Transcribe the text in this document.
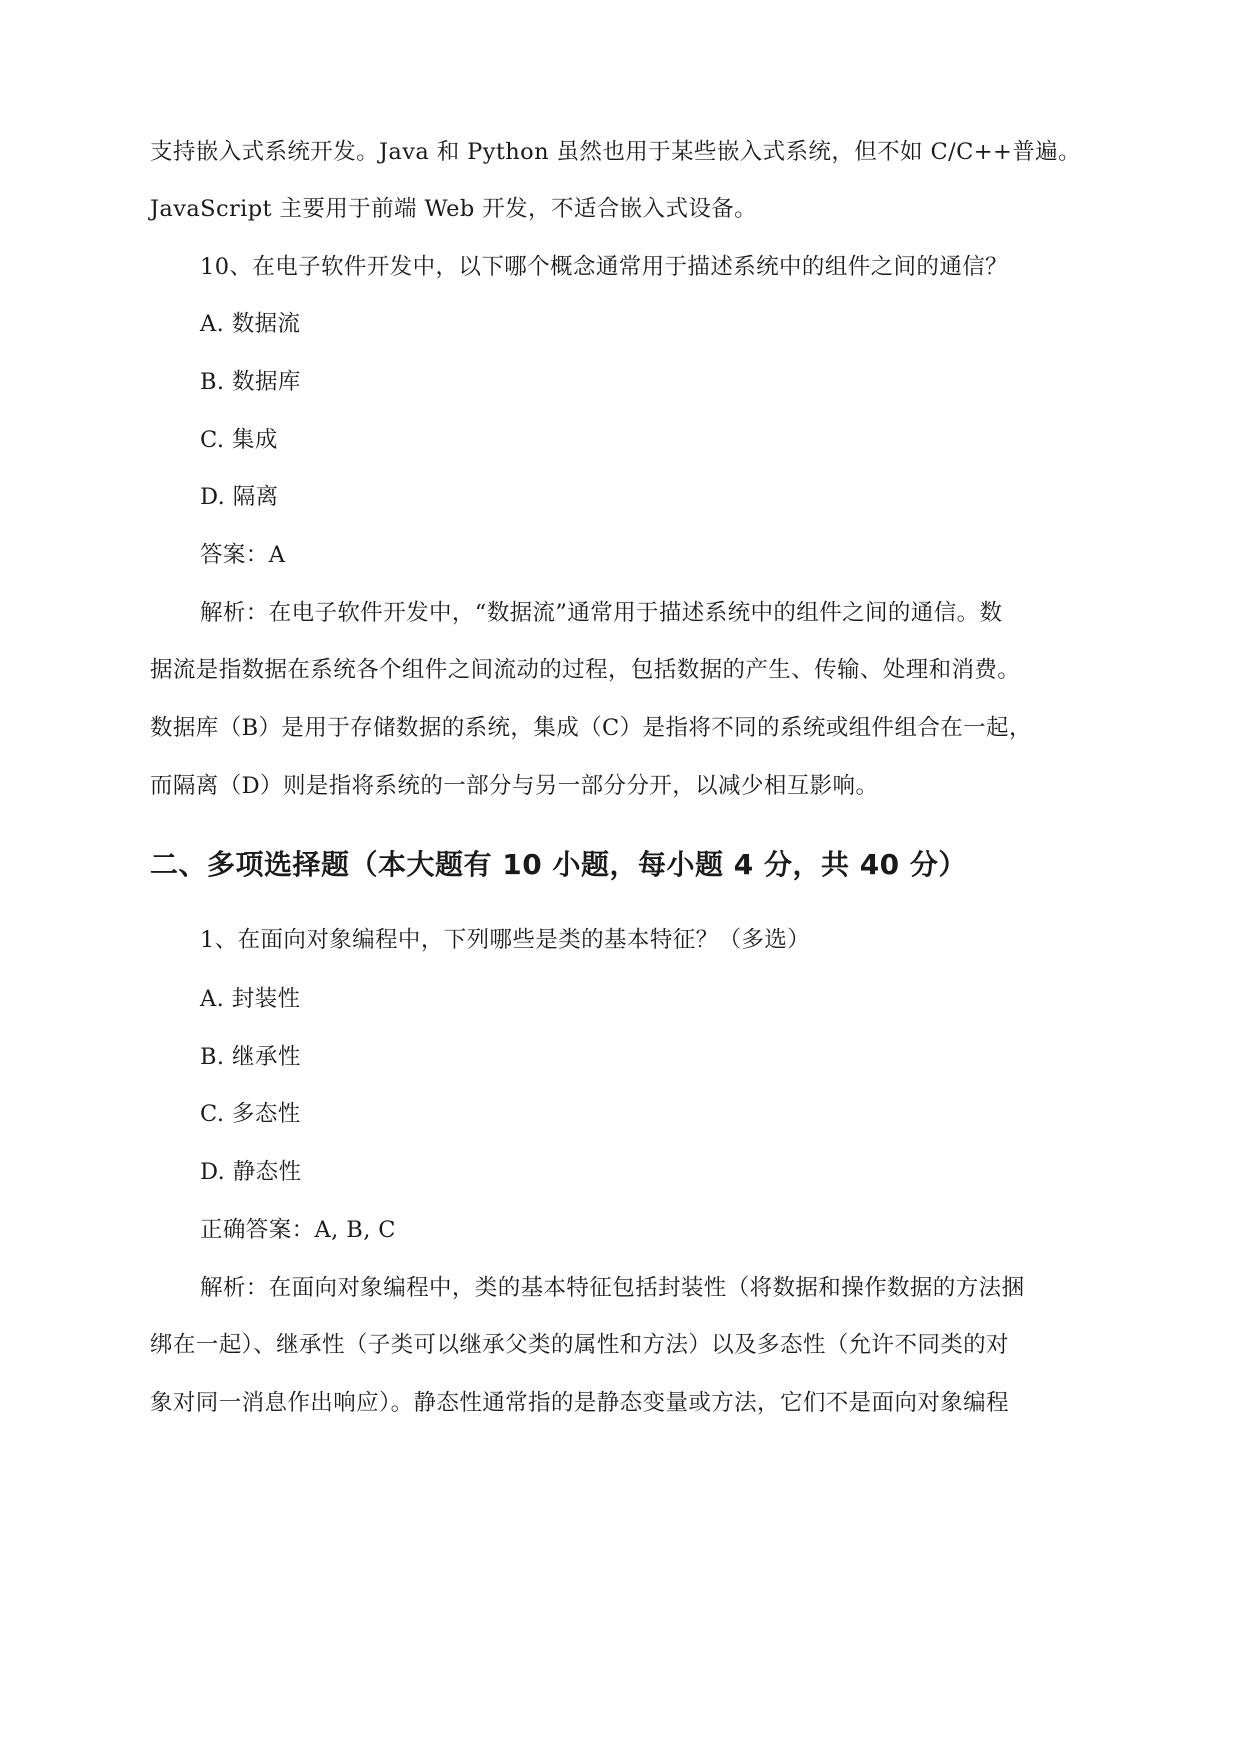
支持嵌入式系统开发。Java 和 Python 虽然也用于某些嵌入式系统，但不如 C/C++普遍。
JavaScript 主要用于前端 Web 开发，不适合嵌入式设备。
10、在电子软件开发中，以下哪个概念通常用于描述系统中的组件之间的通信？
A. 数据流
B. 数据库
C. 集成
D. 隔离
答案：A
解析：在电子软件开发中，“数据流”通常用于描述系统中的组件之间的通信。数
据流是指数据在系统各个组件之间流动的过程，包括数据的产生、传输、处理和消费。
数据库（B）是用于存储数据的系统，集成（C）是指将不同的系统或组件组合在一起，
而隔离（D）则是指将系统的一部分与另一部分分开，以减少相互影响。
二、多项选择题（本大题有 10 小题，每小题 4 分，共 40 分）
1、在面向对象编程中，下列哪些是类的基本特征？（多选）
A. 封装性
B. 继承性
C. 多态性
D. 静态性
正确答案：A, B, C
解析：在面向对象编程中，类的基本特征包括封装性（将数据和操作数据的方法捆
绑在一起）、继承性（子类可以继承父类的属性和方法）以及多态性（允许不同类的对
象对同一消息作出响应）。静态性通常指的是静态变量或方法，它们不是面向对象编程
